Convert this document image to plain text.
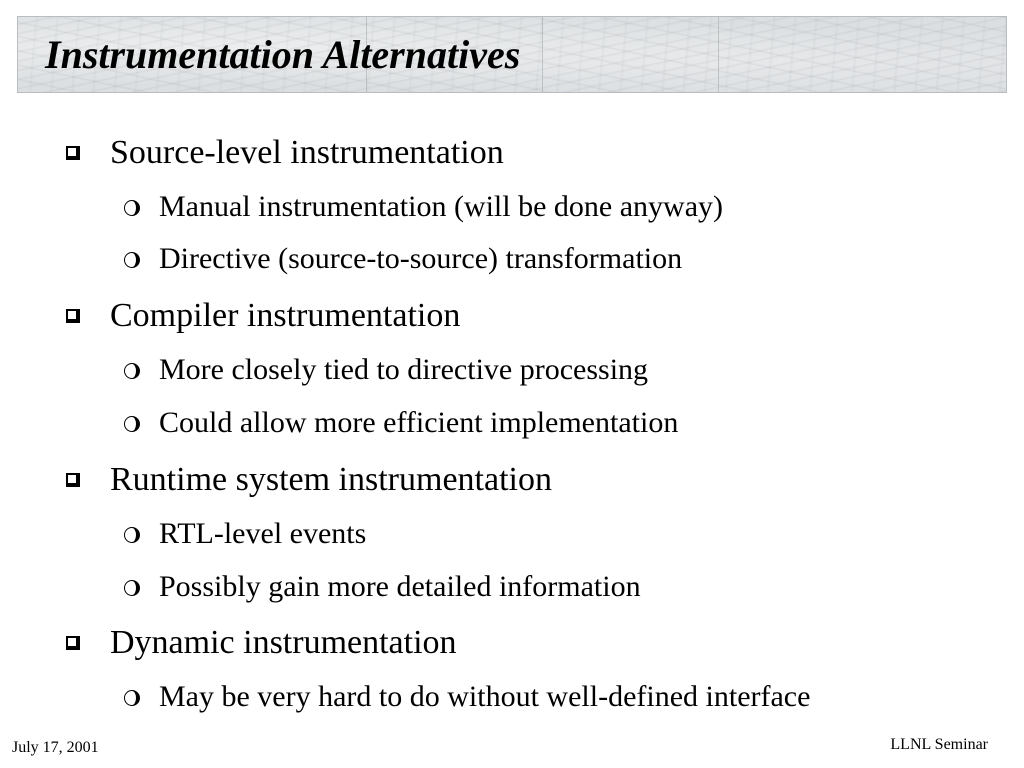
Instrumentation Alternatives
Source-level instrumentation
Manual instrumentation (will be done anyway)
Directive (source-to-source) transformation
Compiler instrumentation
More closely tied to directive processing
Could allow more efficient implementation
Runtime system instrumentation
RTL-level events
Possibly gain more detailed information
Dynamic instrumentation
May be very hard to do without well-defined interface
July 17, 2001	LLNL Seminar
